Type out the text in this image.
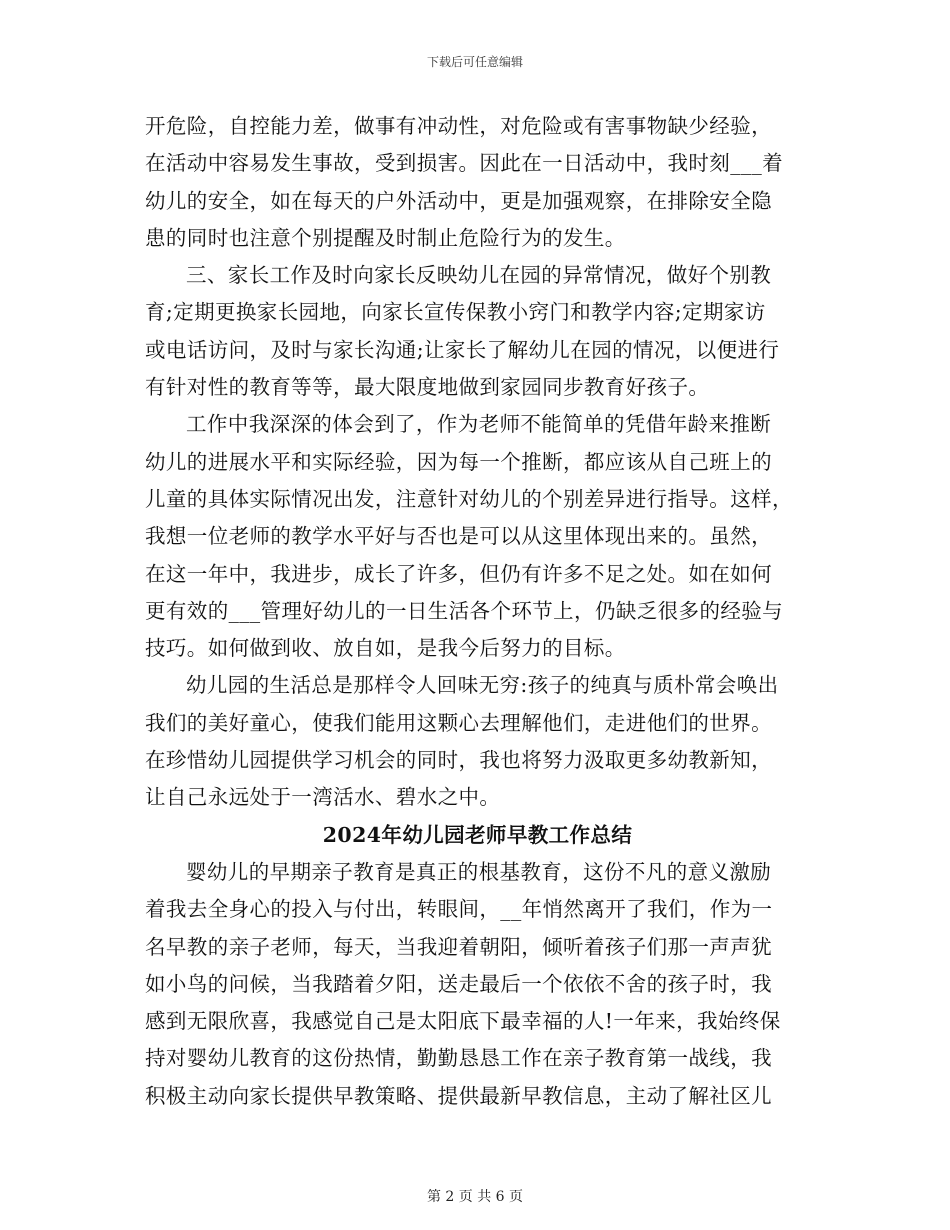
下载后可任意编辑
开危险，自控能力差，做事有冲动性，对危险或有害事物缺少经验，
在活动中容易发生事故，受到损害。因此在一日活动中，我时刻___着
幼儿的安全，如在每天的户外活动中，更是加强观察，在排除安全隐
患的同时也注意个别提醒及时制止危险行为的发生。
三、家长工作及时向家长反映幼儿在园的异常情况，做好个别教
育;定期更换家长园地，向家长宣传保教小窍门和教学内容;定期家访
或电话访问，及时与家长沟通;让家长了解幼儿在园的情况，以便进行
有针对性的教育等等，最大限度地做到家园同步教育好孩子。
工作中我深深的体会到了，作为老师不能简单的凭借年龄来推断
幼儿的进展水平和实际经验，因为每一个推断，都应该从自己班上的
儿童的具体实际情况出发，注意针对幼儿的个别差异进行指导。这样，
我想一位老师的教学水平好与否也是可以从这里体现出来的。虽然，
在这一年中，我进步，成长了许多，但仍有许多不足之处。如在如何
更有效的___管理好幼儿的一日生活各个环节上，仍缺乏很多的经验与
技巧。如何做到收、放自如，是我今后努力的目标。
幼儿园的生活总是那样令人回味无穷:孩子的纯真与质朴常会唤出
我们的美好童心，使我们能用这颗心去理解他们，走进他们的世界。
在珍惜幼儿园提供学习机会的同时，我也将努力汲取更多幼教新知，
让自己永远处于一湾活水、碧水之中。
2024年幼儿园老师早教工作总结
婴幼儿的早期亲子教育是真正的根基教育，这份不凡的意义激励
着我去全身心的投入与付出，转眼间，__年悄然离开了我们，作为一
名早教的亲子老师，每天，当我迎着朝阳，倾听着孩子们那一声声犹
如小鸟的问候，当我踏着夕阳，送走最后一个依依不舍的孩子时，我
感到无限欣喜，我感觉自己是太阳底下最幸福的人!一年来，我始终保
持对婴幼儿教育的这份热情，勤勤恳恳工作在亲子教育第一战线，我
积极主动向家长提供早教策略、提供最新早教信息，主动了解社区儿
第 2 页 共 6 页
